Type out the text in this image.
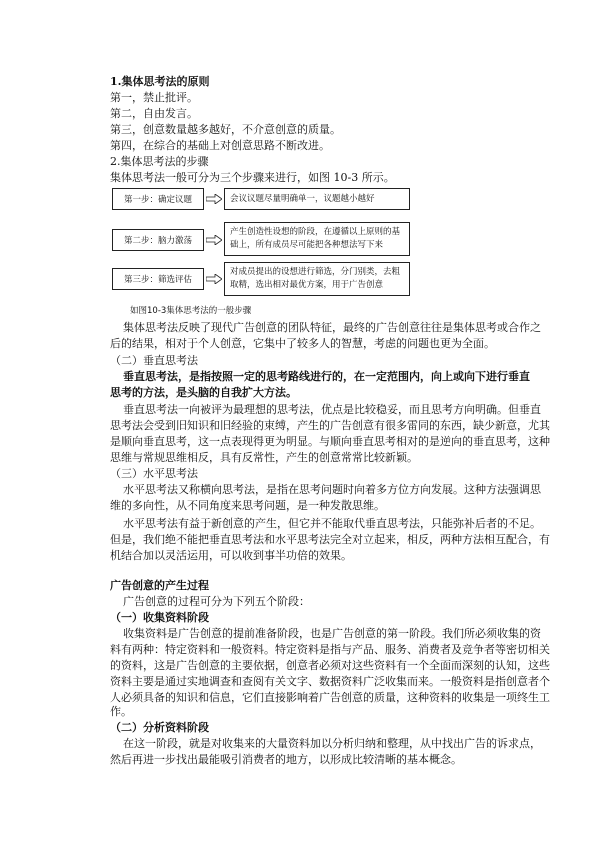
1.集体思考法的原则
第一，禁止批评。
第二，自由发言。
第三，创意数量越多越好，不介意创意的质量。
第四，在综合的基础上对创意思路不断改进。
2.集体思考法的步骤
集体思考法一般可分为三个步骤来进行，如图 10-3 所示。
第一步：确定议题	会议议题尽量明确单一，议题越小越好
第二步：脑力激荡
产生创造性设想的阶段，在遵循以上原则的基础上，所有成员尽可能把各种想法写下来
第三步：筛选评估
对成员提出的设想进行筛选，分门别类，去粗取精，选出相对最优方案，用于广告创意
如图10-3集体思考法的一般步骤
集体思考法反映了现代广告创意的团队特征，最终的广告创意往往是集体思考或合作之
后的结果，相对于个人创意，它集中了较多人的智慧，考虑的问题也更为全面。
（二）垂直思考法
垂直思考法，是指按照一定的思考路线进行的，在一定范围内，向上或向下进行垂直
思考的方法，是头脑的自我扩大方法。
垂直思考法一向被评为最理想的思考法，优点是比较稳妥，而且思考方向明确。但垂直
思考法会受到旧知识和旧经验的束缚，产生的广告创意有很多雷同的东西，缺少新意，尤其
是顺向垂直思考，这一点表现得更为明显。与顺向垂直思考相对的是逆向的垂直思考，这种
思维与常规思维相反，具有反常性，产生的创意常常比较新颖。
（三）水平思考法
水平思考法又称横向思考法，是指在思考问题时向着多方位方向发展。这种方法强调思
维的多向性，从不同角度来思考问题，是一种发散思维。
水平思考法有益于新创意的产生，但它并不能取代垂直思考法，只能弥补后者的不足。
但是，我们绝不能把垂直思考法和水平思考法完全对立起来，相反，两种方法相互配合，有
机结合加以灵活运用，可以收到事半功倍的效果。
广告创意的产生过程
广告创意的过程可分为下列五个阶段：
（一）收集资料阶段
收集资料是广告创意的提前准备阶段，也是广告创意的第一阶段。我们所必须收集的资
料有两种：特定资料和一般资料。特定资料是指与产品、服务、消费者及竞争者等密切相关
的资料，这是广告创意的主要依据，创意者必须对这些资料有一个全面而深刻的认知，这些
资料主要是通过实地调查和查阅有关文字、数据资料广泛收集而来。一般资料是指创意者个
人必须具备的知识和信息，它们直接影响着广告创意的质量，这种资料的收集是一项终生工
作。
（二）分析资料阶段
在这一阶段，就是对收集来的大量资料加以分析归纳和整理，从中找出广告的诉求点，
然后再进一步找出最能吸引消费者的地方，以形成比较清晰的基本概念。
